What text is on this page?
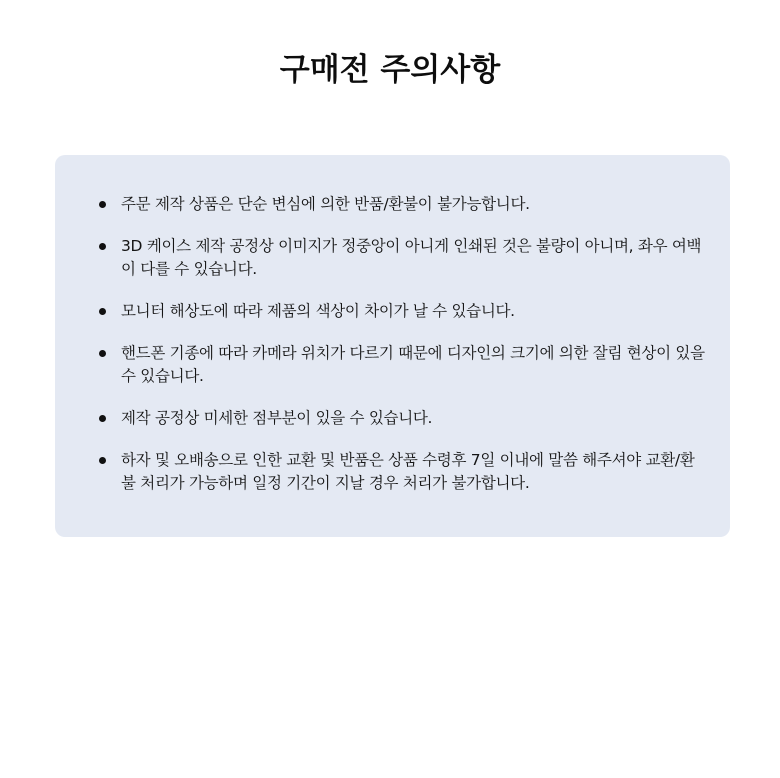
구매전 주의사항
주문 제작 상품은 단순 변심에 의한 반품/환불이 불가능합니다.
3D 케이스 제작 공정상 이미지가 정중앙이 아니게 인쇄된 것은 불량이 아니며, 좌우 여백이 다를 수 있습니다.
모니터 해상도에 따라 제품의 색상이 차이가 날 수 있습니다.
핸드폰 기종에 따라 카메라 위치가 다르기 때문에 디자인의 크기에 의한 잘림 현상이 있을 수 있습니다.
제작 공정상 미세한 점부분이 있을 수 있습니다.
하자 및 오배송으로 인한 교환 및 반품은 상품 수령후 7일 이내에 말씀 해주셔야 교환/환불 처리가 가능하며 일정 기간이 지날 경우 처리가 불가합니다.
